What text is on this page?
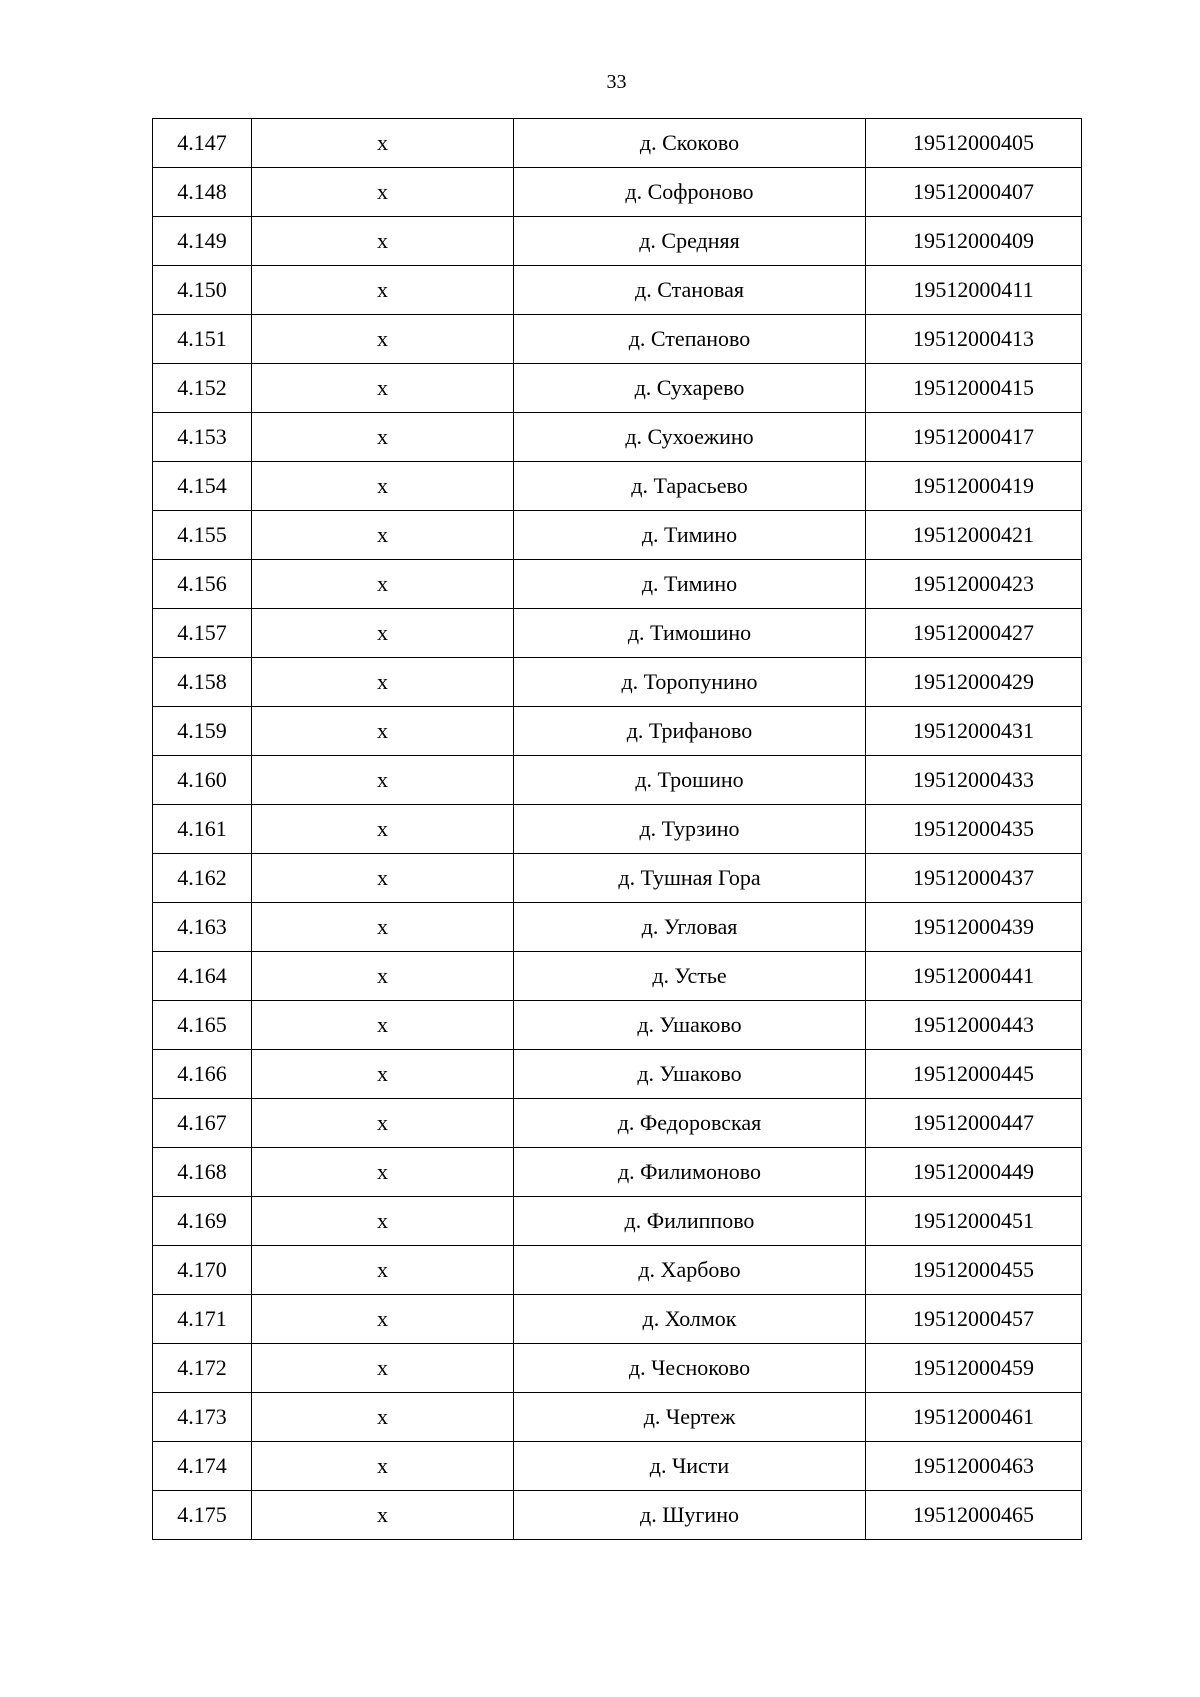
33
4.147	х	д. Скоково	19512000405
4.148	х	д. Софроново	19512000407
4.149	х	д. Средняя	19512000409
4.150	х	д. Становая	19512000411
4.151	х	д. Степаново	19512000413
4.152	х	д. Сухарево	19512000415
4.153	х	д. Сухоежино	19512000417
4.154	х	д. Тарасьево	19512000419
4.155	х	д. Тимино	19512000421
4.156	х	д. Тимино	19512000423
4.157	х	д. Тимошино	19512000427
4.158	х	д. Торопунино	19512000429
4.159	х	д. Трифаново	19512000431
4.160	х	д. Трошино	19512000433
4.161	х	д. Турзино	19512000435
4.162	х	д. Тушная Гора	19512000437
4.163	х	д. Угловая	19512000439
4.164	х	д. Устье	19512000441
4.165	х	д. Ушаково	19512000443
4.166	х	д. Ушаково	19512000445
4.167	х	д. Федоровская	19512000447
4.168	х	д. Филимоново	19512000449
4.169	х	д. Филиппово	19512000451
4.170	х	д. Харбово	19512000455
4.171	х	д. Холмок	19512000457
4.172	х	д. Чесноково	19512000459
4.173	х	д. Чертеж	19512000461
4.174	х	д. Чисти	19512000463
4.175	х	д. Шугино	19512000465
